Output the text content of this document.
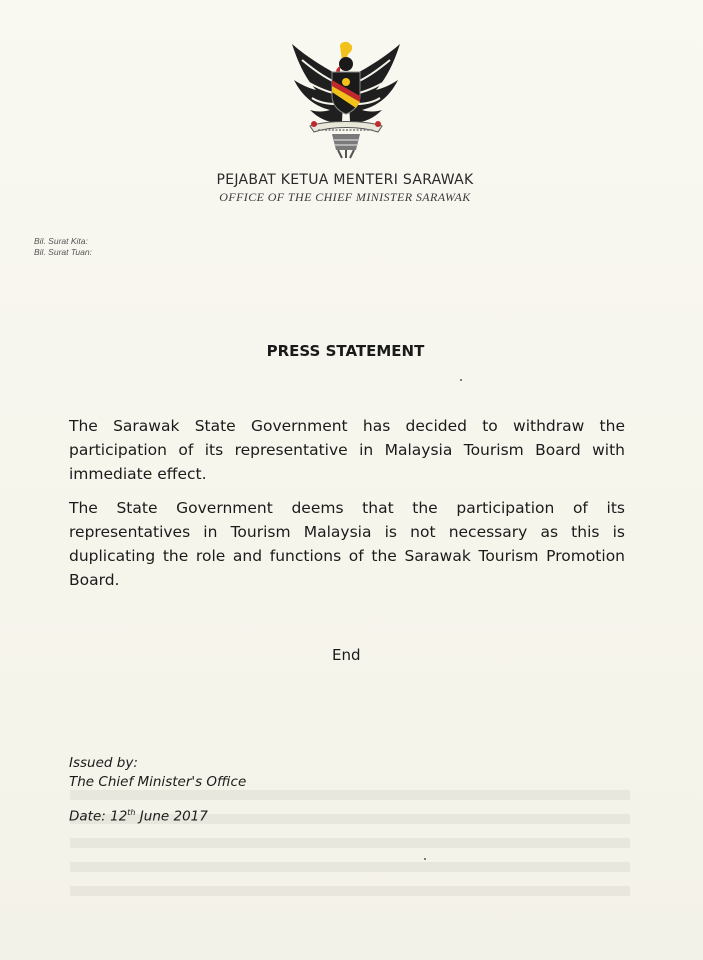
PEJABAT KETUA MENTERI SARAWAK
OFFICE OF THE CHIEF MINISTER SARAWAK
Bil. Surat Kita:
Bil. Surat Tuan:
PRESS STATEMENT

The Sarawak State Government has decided to withdraw the participation of its representative in Malaysia Tourism Board with immediate effect.

The State Government deems that the participation of its representatives in Tourism Malaysia is not necessary as this is duplicating the role and functions of the Sarawak Tourism Promotion Board.

End
Issued by:
The Chief Minister's Office
Date: 12th June 2017
